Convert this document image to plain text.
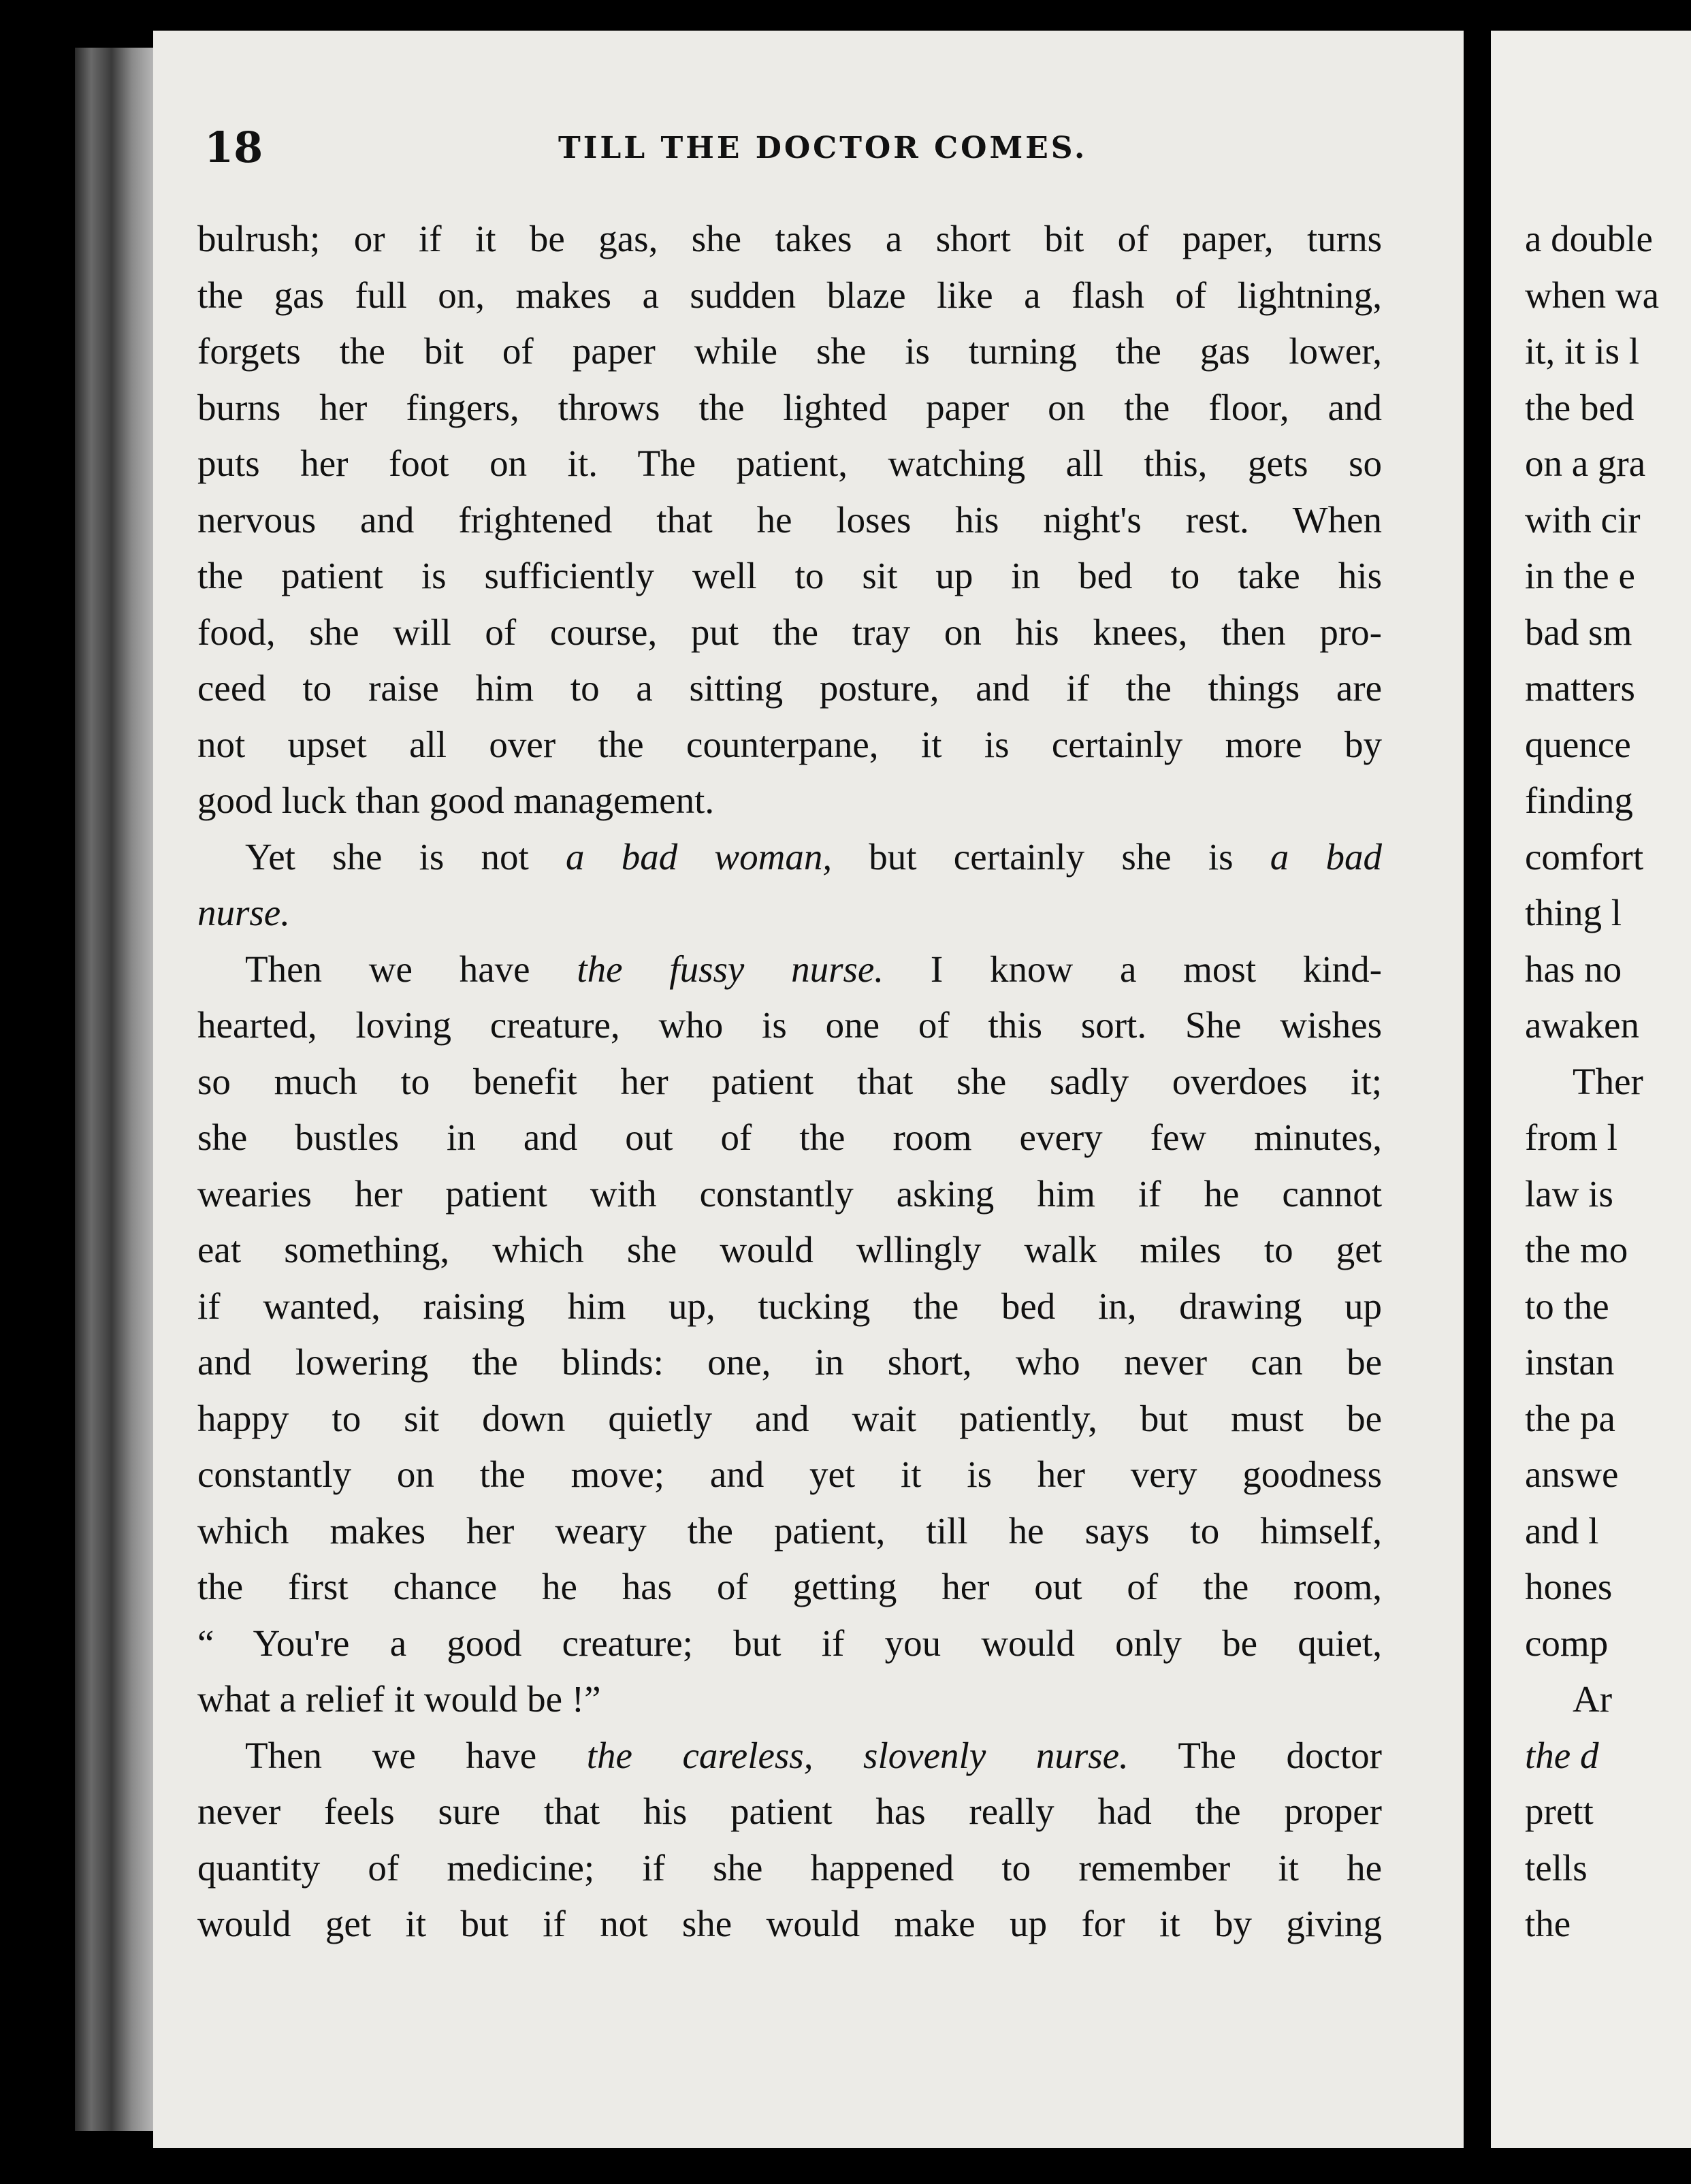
18	TILL THE DOCTOR COMES.
bulrush; or if it be gas, she takes a short bit of paper, turns
the gas full on, makes a sudden blaze like a flash of lightning,
forgets the bit of paper while she is turning the gas lower,
burns her fingers, throws the lighted paper on the floor, and
puts her foot on it. The patient, watching all this, gets so
nervous and frightened that he loses his night's rest. When
the patient is sufficiently well to sit up in bed to take his
food, she will of course, put the tray on his knees, then pro-
ceed to raise him to a sitting posture, and if the things are
not upset all over the counterpane, it is certainly more by
good luck than good management.
Yet she is not a bad woman, but certainly she is a bad
nurse.
Then we have the fussy nurse. I know a most kind-
hearted, loving creature, who is one of this sort. She wishes
so much to benefit her patient that she sadly overdoes it;
she bustles in and out of the room every few minutes,
wearies her patient with constantly asking him if he cannot
eat something, which she would wllingly walk miles to get
if wanted, raising him up, tucking the bed in, drawing up
and lowering the blinds: one, in short, who never can be
happy to sit down quietly and wait patiently, but must be
constantly on the move; and yet it is her very goodness
which makes her weary the patient, till he says to himself,
the first chance he has of getting her out of the room,
“ You're a good creature; but if you would only be quiet,
what a relief it would be !”
Then we have the careless, slovenly nurse. The doctor
never feels sure that his patient has really had the proper
quantity of medicine; if she happened to remember it he
would get it but if not she would make up for it by giving
a double
when wa
it, it is l
the bed
on a gra
with cir
in the e
bad sm
matters
quence
finding
comfort
thing l
has no
awaken
Ther
from l
law is
the mo
to the
instan
the pa
answe
and l
hones
comp
Ar
the d
prett
tells
the
